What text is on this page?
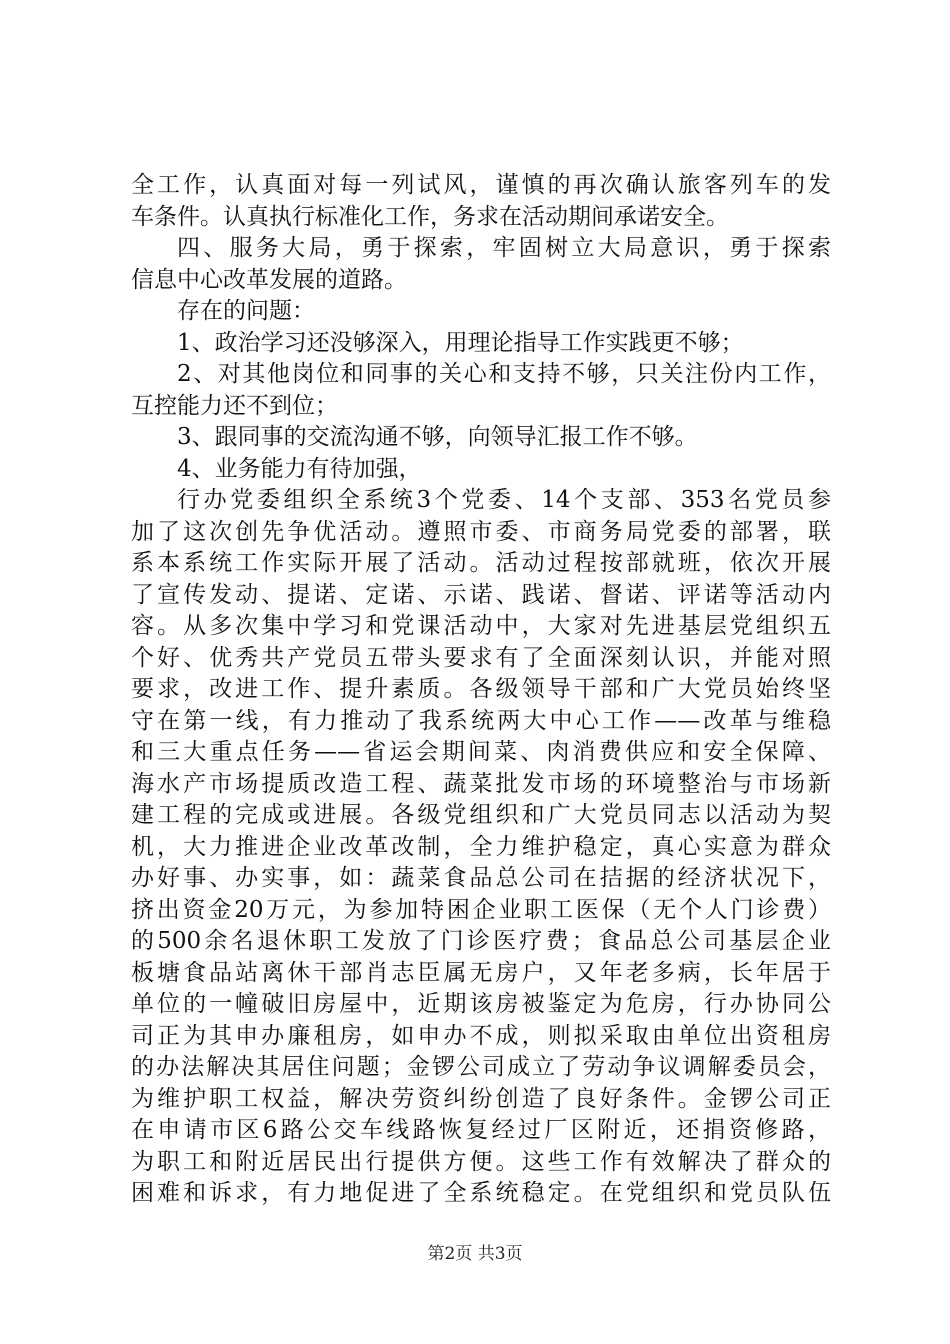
全工作，认真面对每一列试风，谨慎的再次确认旅客列车的发
车条件。认真执行标准化工作，务求在活动期间承诺安全。
四、服务大局，勇于探索，牢固树立大局意识，勇于探索
信息中心改革发展的道路。
存在的问题：
1、政治学习还没够深入，用理论指导工作实践更不够；
2、对其他岗位和同事的关心和支持不够，只关注份内工作，
互控能力还不到位；
3、跟同事的交流沟通不够，向领导汇报工作不够。
4、业务能力有待加强，
行办党委组织全系统3个党委、14个支部、353名党员参
加了这次创先争优活动。遵照市委、市商务局党委的部署，联
系本系统工作实际开展了活动。活动过程按部就班，依次开展
了宣传发动、提诺、定诺、示诺、践诺、督诺、评诺等活动内
容。从多次集中学习和党课活动中，大家对先进基层党组织五
个好、优秀共产党员五带头要求有了全面深刻认识，并能对照
要求，改进工作、提升素质。各级领导干部和广大党员始终坚
守在第一线，有力推动了我系统两大中心工作——改革与维稳
和三大重点任务——省运会期间菜、肉消费供应和安全保障、
海水产市场提质改造工程、蔬菜批发市场的环境整治与市场新
建工程的完成或进展。各级党组织和广大党员同志以活动为契
机，大力推进企业改革改制，全力维护稳定，真心实意为群众
办好事、办实事，如：蔬菜食品总公司在拮据的经济状况下，
挤出资金20万元，为参加特困企业职工医保（无个人门诊费）
的500余名退休职工发放了门诊医疗费；食品总公司基层企业
板塘食品站离休干部肖志臣属无房户，又年老多病，长年居于
单位的一幢破旧房屋中，近期该房被鉴定为危房，行办协同公
司正为其申办廉租房，如申办不成，则拟采取由单位出资租房
的办法解决其居住问题；金锣公司成立了劳动争议调解委员会，
为维护职工权益，解决劳资纠纷创造了良好条件。金锣公司正
在申请市区6路公交车线路恢复经过厂区附近，还捐资修路，
为职工和附近居民出行提供方便。这些工作有效解决了群众的
困难和诉求，有力地促进了全系统稳定。在党组织和党员队伍
第2页 共3页
